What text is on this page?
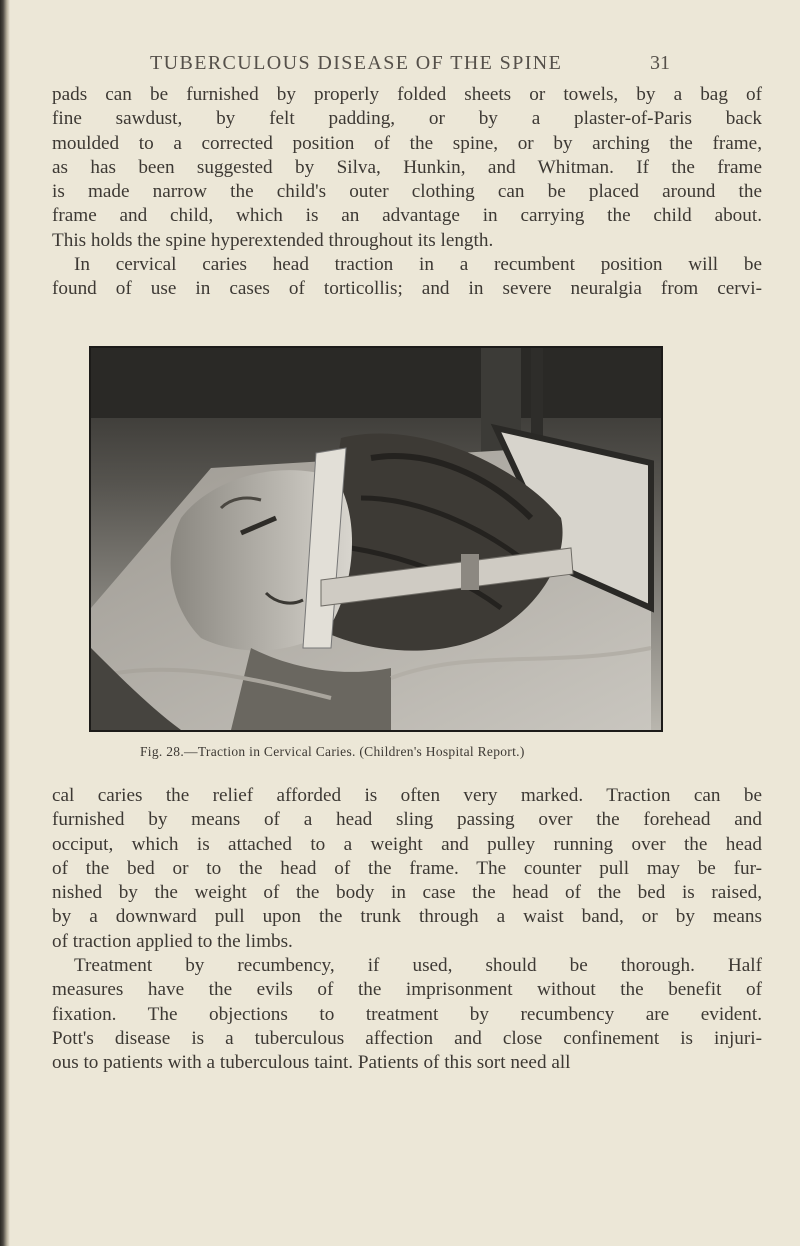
TUBERCULOUS DISEASE OF THE SPINE	31
pads can be furnished by properly folded sheets or towels, by a bag of
fine sawdust, by felt padding, or by a plaster-of-Paris back
moulded to a corrected position of the spine, or by arching the frame,
as has been suggested by Silva, Hunkin, and Whitman. If the frame
is made narrow the child's outer clothing can be placed around the
frame and child, which is an advantage in carrying the child about.
This holds the spine hyperextended throughout its length.
In cervical caries head traction in a recumbent position will be
found of use in cases of torticollis; and in severe neuralgia from cervi-
Fig. 28.—Traction in Cervical Caries. (Children's Hospital Report.)
cal caries the relief afforded is often very marked. Traction can be
furnished by means of a head sling passing over the forehead and
occiput, which is attached to a weight and pulley running over the head
of the bed or to the head of the frame. The counter pull may be fur-
nished by the weight of the body in case the head of the bed is raised,
by a downward pull upon the trunk through a waist band, or by means
of traction applied to the limbs.
Treatment by recumbency, if used, should be thorough. Half
measures have the evils of the imprisonment without the benefit of
fixation. The objections to treatment by recumbency are evident.
Pott's disease is a tuberculous affection and close confinement is injuri-
ous to patients with a tuberculous taint. Patients of this sort need all
